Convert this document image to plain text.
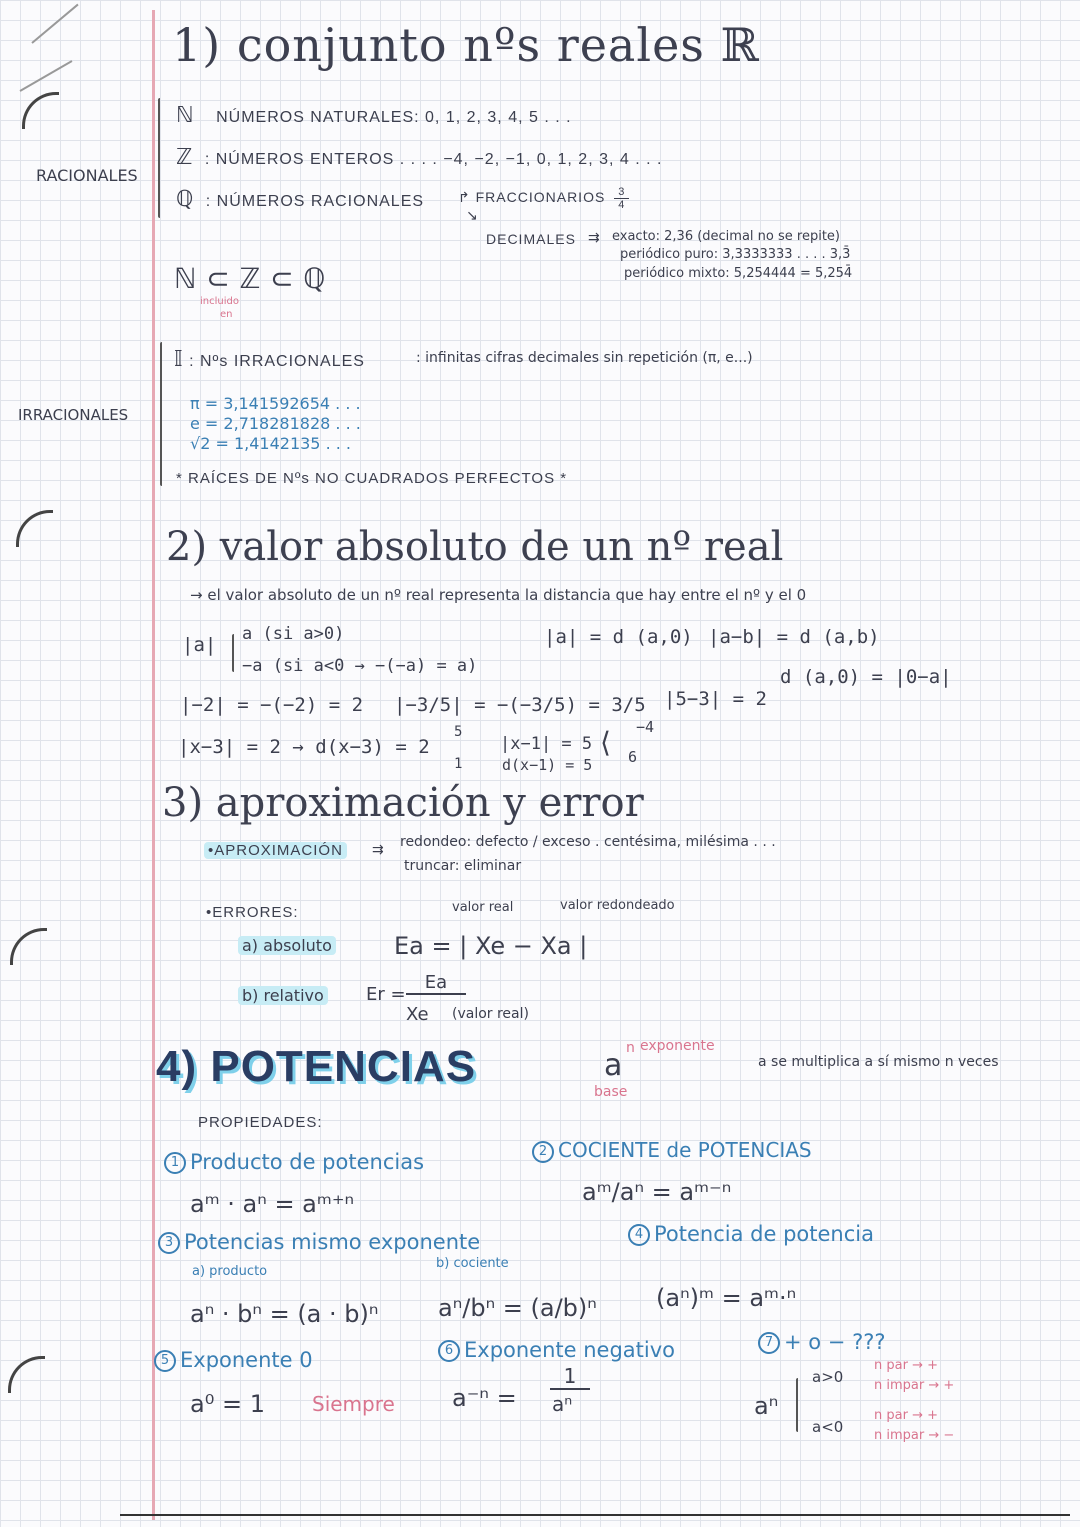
1) conjunto nºs reales ℝ
RACIONALES
ℕ NÚMEROS NATURALES: 0, 1, 2, 3, 4, 5 . . .
ℤ : NÚMEROS ENTEROS . . . . −4, −2, −1, 0, 1, 2, 3, 4 . . .
ℚ : NÚMEROS RACIONALES ↱ FRACCIONARIOS $\frac{3}{4}$
↘
DECIMALES ⇉ exacto: 2,36 (decimal no se repite)
periódico puro: 3,3333333 . . . . 3,3̄
periódico mixto: 5,254444 = 5,254̄
ℕ ⊂ ℤ ⊂ ℚ
incluido
en
IRRACIONALES
𝕀 : Nºs IRRACIONALES	: infinitas cifras decimales sin repetición (π, e...)
π = 3,141592654 . . .
e = 2,718281828 . . .
√2 = 1,4142135 . . .
* RAÍCES DE Nºs NO CUADRADOS PERFECTOS *
2) valor absoluto de un nº real
→ el valor absoluto de un nº real representa la distancia que hay entre el nº y el 0
|a| a (si a>0)
−a (si a<0 → −(−a) = a)
|a| = d (a,0) |a−b| = d (a,b)
d (a,0) = |0−a|
|−2| = −(−2) = 2 |−3/5| = −(−3/5) = 3/5 |5−3| = 2
|x−3| = 2 → d(x−3) = 2
5
1
|x−1| = 5
d(x−1) = 5
⟨ −4
6
3) aproximación y error
•APROXIMACIÓN ⇉ redondeo: defecto / exceso . centésima, milésima . . .
truncar: eliminar
•ERRORES:	valor real	valor redondeado
a) absoluto	Ea = | Xe − Xa |
b) relativo Er =
Ea
Xe (valor real)
4) POTENCIAS	a n exponente
base
a se multiplica a sí mismo n veces
PROPIEDADES:
1 Producto de potencias
aᵐ · aⁿ = aᵐ⁺ⁿ
2 COCIENTE de POTENCIAS
aᵐ/aⁿ = aᵐ⁻ⁿ
3 Potencias mismo exponente
a) producto
b) cociente
aⁿ · bⁿ = (a · b)ⁿ aⁿ/bⁿ = (a/b)ⁿ
4 Potencia de potencia
(aⁿ)ᵐ = aᵐ·ⁿ
5 Exponente 0
a⁰ = 1 Siempre
6 Exponente negativo
a⁻ⁿ =
1
aⁿ
7 + o − ???
aⁿ
a>0
a<0
n par → +
n impar → +
n par → +
n impar → −
